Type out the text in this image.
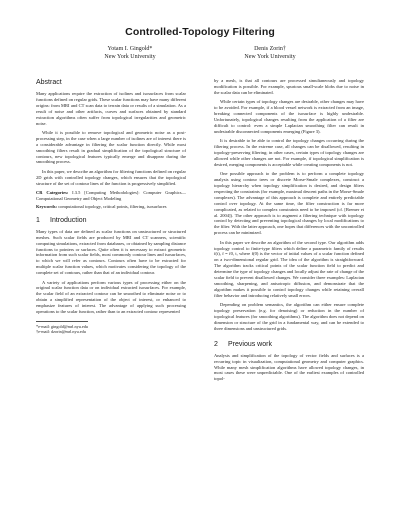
Controlled-Topology Filtering
Yotam I. Gingold*
New York University
Denis Zorin†
New York University
Abstract

Many applications require the extraction of isolines and isosurfaces from scalar functions defined on regular grids. These scalar functions may have many different origins: from MRI and CT scan data to terrain data or results of a simulation. As a result of noise and other artifacts, curves and surfaces obtained by standard extraction algorithms often suffer from topological irregularities and geometric noise.

While it is possible to remove topological and geometric noise as a post-processing step, in the case when a large number of isolines are of interest there is a considerable advantage in filtering the scalar function directly. While most smoothing filters result in gradual simplification of the topological structure of contours, new topological features typically emerge and disappear during the smoothing process.

In this paper, we describe an algorithm for filtering functions defined on regular 2D grids with controlled topology changes, which ensures that the topological structure of the set of contour lines of the function is progressively simplified.

CR Categories: I.3.5 [Computing Methodologies]: Computer Graphics—Computational Geometry and Object Modeling
Keywords: computational topology, critical points, filtering, isosurfaces
1 Introduction

Many types of data are defined as scalar functions on unstructured or structured meshes. Such scalar fields are produced by MRI and CT scanners, scientific computing simulations, extracted from databases, or obtained by sampling distance functions to pointers or surfaces. Quite often it is necessary to extract geometric information from such scalar fields, most commonly contour lines and isosurfaces, to which we will refer as contours. Contours often have to be extracted for multiple scalar function values, which motivates considering the topology of the complete set of contours, rather than that of an individual contour.

A variety of applications perform various types of processing either on the original scalar function data or on individual extracted isosurfaces. For example, the scalar field of an extracted contour can be smoothed to eliminate noise or to obtain a simplified representation of the object of interest, or enhanced to emphasize features of interest. The advantage of applying such processing operations to the scalar function, rather than to an extracted contour represented

*e-mail: gingold@mrl.nyu.edu
†e-mail: dzorin@mrl.nyu.edu

by a mesh, is that all contours are processed simultaneously and topology modification is possible. For example, spurious small-scale blobs due to noise in the scalar data can be eliminated.

While certain types of topology changes are desirable, other changes may have to be avoided. For example, if a blood vessel network is extracted from an image, breaking connected components of the isosurface is highly undesirable. Unfortunately, topological changes resulting from the application of a filter are difficult to control: even a simple Laplacian smoothing filter can result in undesirable disconnected components emerging (Figure 3).

It is desirable to be able to control the topology changes occurring during the filtering process. In the extreme case, all changes can be disallowed, resulting in topology-preserving filtering; in other cases, certain types of topology changes are allowed while other changes are not. For example, if topological simplification is desired, merging components is acceptable while creating components is not.

One possible approach to the problem is to perform a complete topology analysis using contour trees or discrete Morse-Smale complexes, construct a topology hierarchy when topology simplification is desired, and design filters respecting the constraints (for example, maximal descent paths in the Morse-Smale complexes). The advantage of this approach is complete and entirely predictable control over topology. At the same time, the filter construction is far more complicated, as related to complex constraints need to be imposed (cf. [Bremer et al. 2004]). The other approach is to augment a filtering technique with topology control by detecting and preventing topological changes by local modifications to the filter. With the latter approach, one hopes that differences with the uncontrolled process can be minimized.

In this paper we describe an algorithm of the second type. Our algorithm adds topology control to finite-type filters which define a parametric family of results f(t), f = f0, t, where f(0) is the vector of initial values of a scalar function defined on a two-dimensional regular grid. The idea of the algorithm is straightforward. The algorithm tracks critical points of the scalar function field to predict and determine the type of topology changes and locally adjust the rate of change of the scalar field to prevent disallowed changes. We consider three examples: Laplacian smoothing, sharpening, and anisotropic diffusion, and demonstrate that the algorithm makes it possible to control topology changes while retaining overall filter behavior and introducing relatively small errors.

Depending on problem semantics, the algorithm can either ensure complete topology preservation (e.g. for denoising) or reduction in the number of topological features (for smoothing algorithms). The algorithm does not depend on dimension or structure of the grid in a fundamental way, and can be extended to three dimensions and unstructured grids.

2 Previous work

Analysis and simplification of the topology of vector fields and surfaces is a recurring topic in visualization, computational geometry and computer graphics. While many mesh simplification algorithms have allowed topology changes, in most cases these were unpredictable. One of the earliest examples of controlled topol-
